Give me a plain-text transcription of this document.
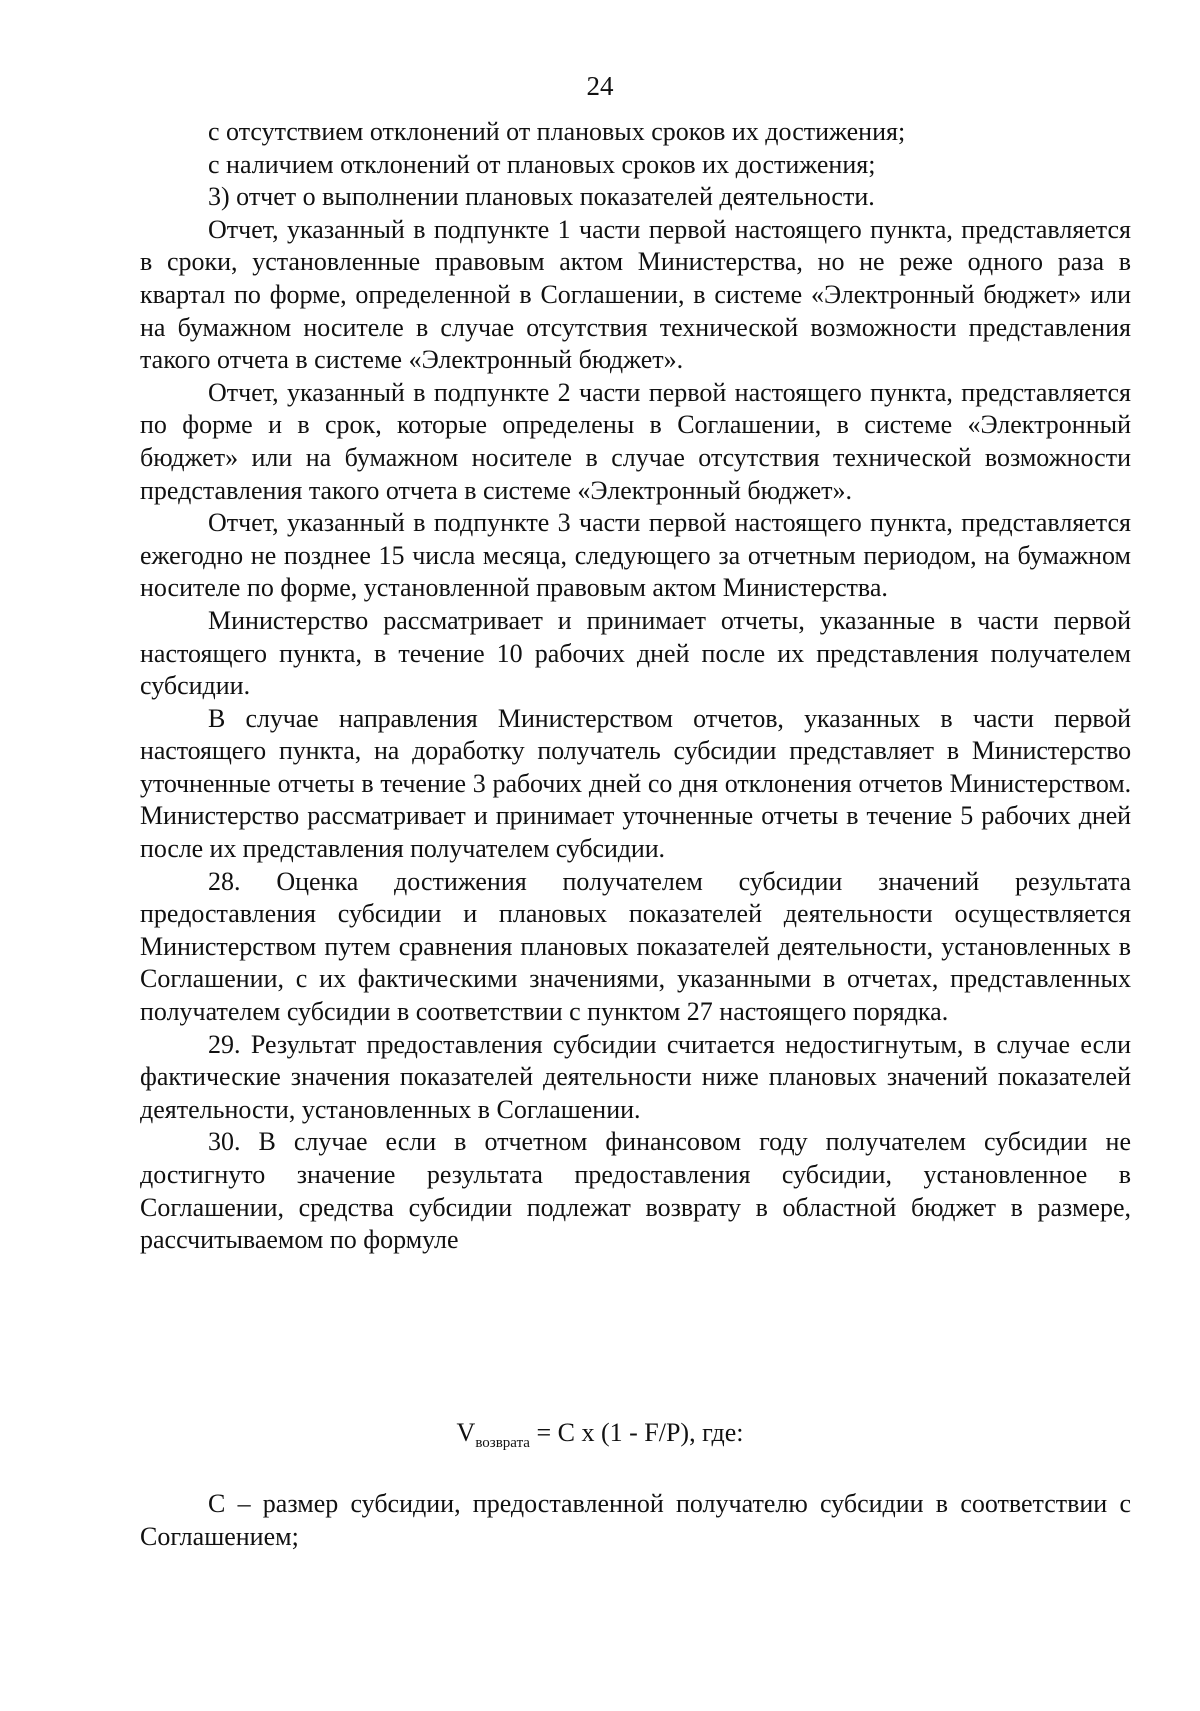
24

с отсутствием отклонений от плановых сроков их достижения;

с наличием отклонений от плановых сроков их достижения;

3) отчет о выполнении плановых показателей деятельности.

Отчет, указанный в подпункте 1 части первой настоящего пункта, представляется в сроки, установленные правовым актом Министерства, но не реже одного раза в квартал по форме, определенной в Соглашении, в системе «Электронный бюджет» или на бумажном носителе в случае отсутствия технической возможности представления такого отчета в системе «Электронный бюджет».

Отчет, указанный в подпункте 2 части первой настоящего пункта, представляется по форме и в срок, которые определены в Соглашении, в системе «Электронный бюджет» или на бумажном носителе в случае отсутствия технической возможности представления такого отчета в системе «Электронный бюджет».

Отчет, указанный в подпункте 3 части первой настоящего пункта, представляется ежегодно не позднее 15 числа месяца, следующего за отчетным периодом, на бумажном носителе по форме, установленной правовым актом Министерства.

Министерство рассматривает и принимает отчеты, указанные в части первой настоящего пункта, в течение 10 рабочих дней после их представления получателем субсидии.

В случае направления Министерством отчетов, указанных в части первой настоящего пункта, на доработку получатель субсидии представляет в Министерство уточненные отчеты в течение 3 рабочих дней со дня отклонения отчетов Министерством. Министерство рассматривает и принимает уточненные отчеты в течение 5 рабочих дней после их представления получателем субсидии.

28. Оценка достижения получателем субсидии значений результата предоставления субсидии и плановых показателей деятельности осуществляется Министерством путем сравнения плановых показателей деятельности, установленных в Соглашении, с их фактическими значениями, указанными в отчетах, представленных получателем субсидии в соответствии с пунктом 27 настоящего порядка.

29. Результат предоставления субсидии считается недостигнутым, в случае если фактические значения показателей деятельности ниже плановых значений показателей деятельности, установленных в Соглашении.

30. В случае если в отчетном финансовом году получателем субсидии не достигнуто значение результата предоставления субсидии, установленное в Соглашении, средства субсидии подлежат возврату в областной бюджет в размере, рассчитываемом по формуле

$V_{возврата} = C$ x (1 - F/P), где:

C – размер субсидии, предоставленной получателю субсидии в соответствии с Соглашением;
